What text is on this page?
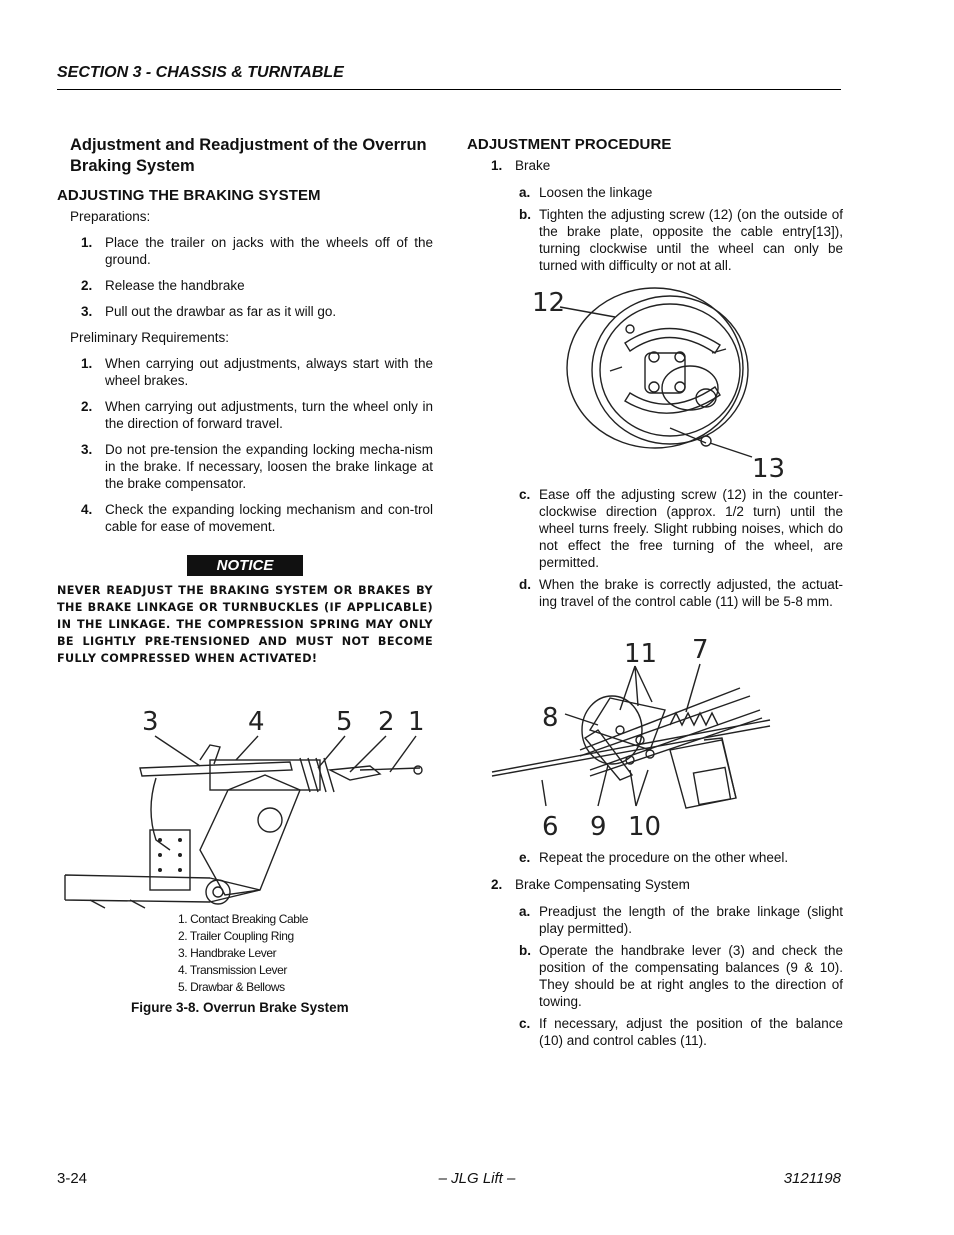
SECTION 3 - CHASSIS & TURNTABLE
Adjustment and Readjustment of the Overrun Braking System
ADJUSTING THE BRAKING SYSTEM
Preparations:
1. Place the trailer on jacks with the wheels off of the ground.
2. Release the handbrake
3. Pull out the drawbar as far as it will go.
Preliminary Requirements:
1. When carrying out adjustments, always start with the wheel brakes.
2. When carrying out adjustments, turn the wheel only in the direction of forward travel.
3. Do not pre-tension the expanding locking mecha-nism in the brake. If necessary, loosen the brake linkage at the brake compensator.
4. Check the expanding locking mechanism and con-trol cable for ease of movement.
NOTICE
NEVER READJUST THE BRAKING SYSTEM OR BRAKES BY THE BRAKE LINKAGE OR TURNBUCKLES (IF APPLICABLE) IN THE LINKAGE. THE COMPRESSION SPRING MAY ONLY BE LIGHTLY PRE-TENSIONED AND MUST NOT BECOME FULLY COMPRESSED WHEN ACTIVATED!
3	4	5 2 1
1. Contact Breaking Cable
2. Trailer Coupling Ring
3. Handbrake Lever
4. Transmission Lever
5. Drawbar & Bellows
Figure 3-8. Overrun Brake System
ADJUSTMENT PROCEDURE
1. Brake
a. Loosen the linkage
b. Tighten the adjusting screw (12) (on the outside of the brake plate, opposite the cable entry[13]), turning clockwise until the wheel can only be turned with difficulty or not at all.
12
13
c. Ease off the adjusting screw (12) in the counter-clockwise direction (approx. 1/2 turn) until the wheel turns freely. Slight rubbing noises, which do not effect the free turning of the wheel, are permitted.
d. When the brake is correctly adjusted, the actuat-ing travel of the control cable (11) will be 5-8 mm.
11 7
8
6 9 10
e. Repeat the procedure on the other wheel.
2. Brake Compensating System
a. Preadjust the length of the brake linkage (slight play permitted).
b. Operate the handbrake lever (3) and check the position of the compensating balances (9 & 10). They should be at right angles to the direction of towing.
c. If necessary, adjust the position of the balance (10) and control cables (11).
3-24	– JLG Lift –	3121198
